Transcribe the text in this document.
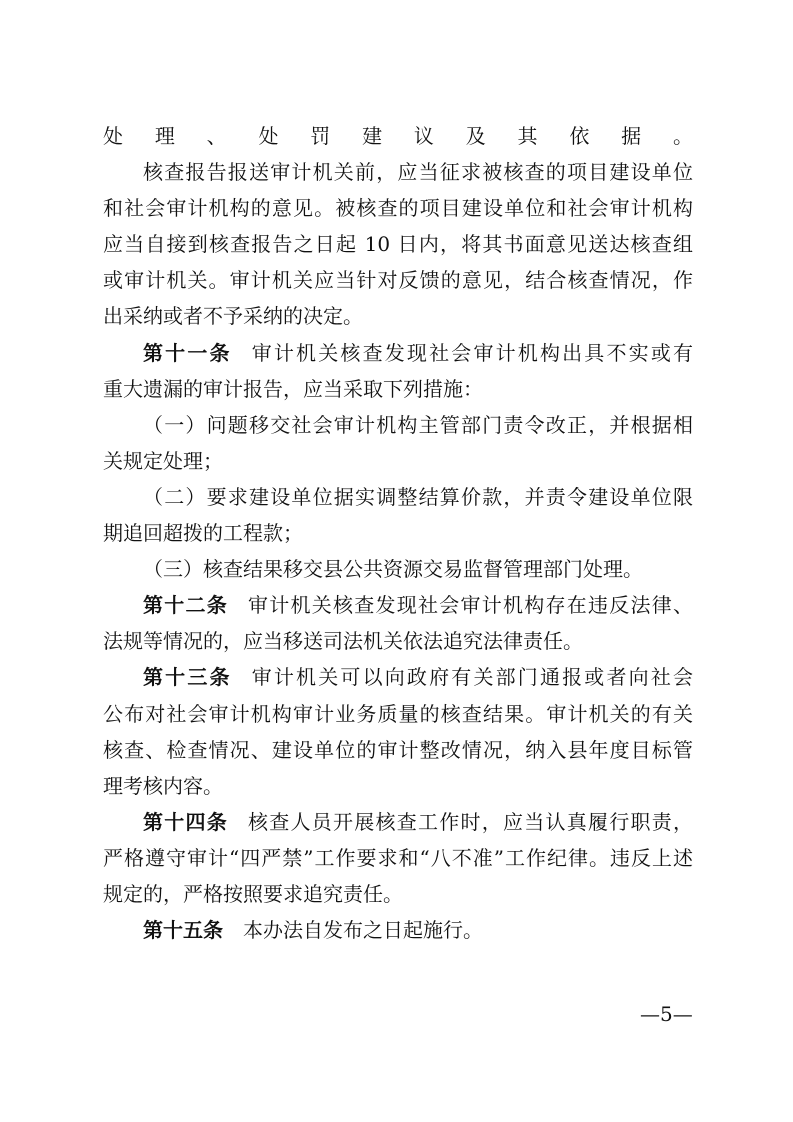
处理、处罚建议及其依据。
核查报告报送审计机关前，应当征求被核查的项目建设单位
和社会审计机构的意见。被核查的项目建设单位和社会审计机构
应当自接到核查报告之日起 10 日内，将其书面意见送达核查组
或审计机关。审计机关应当针对反馈的意见，结合核查情况，作
出采纳或者不予采纳的决定。
第十一条 审计机关核查发现社会审计机构出具不实或有
重大遗漏的审计报告，应当采取下列措施：
（一）问题移交社会审计机构主管部门责令改正，并根据相
关规定处理；
（二）要求建设单位据实调整结算价款，并责令建设单位限
期追回超拨的工程款；
（三）核查结果移交县公共资源交易监督管理部门处理。
第十二条 审计机关核查发现社会审计机构存在违反法律、
法规等情况的，应当移送司法机关依法追究法律责任。
第十三条 审计机关可以向政府有关部门通报或者向社会
公布对社会审计机构审计业务质量的核查结果。审计机关的有关
核查、检查情况、建设单位的审计整改情况，纳入县年度目标管
理考核内容。
第十四条 核查人员开展核查工作时，应当认真履行职责，
严格遵守审计“四严禁”工作要求和“八不准”工作纪律。违反上述
规定的，严格按照要求追究责任。
第十五条 本办法自发布之日起施行。
—5—
